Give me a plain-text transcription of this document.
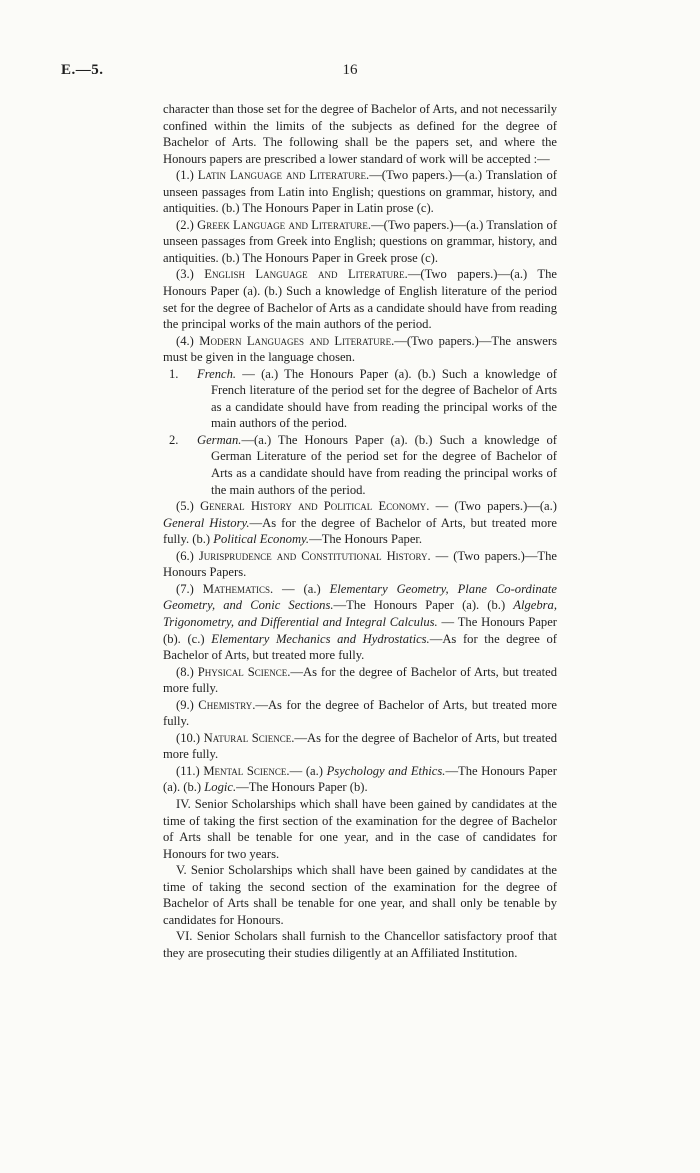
E.—5.	16

character than those set for the degree of Bachelor of Arts, and not necessarily confined within the limits of the subjects as defined for the degree of Bachelor of Arts. The following shall be the papers set, and where the Honours papers are prescribed a lower standard of work will be accepted :—

(1.) Latin Language and Literature.—(Two papers.)—(a.) Translation of unseen passages from Latin into English; questions on grammar, history, and antiquities. (b.) The Honours Paper in Latin prose (c).

(2.) Greek Language and Literature.—(Two papers.)—(a.) Translation of unseen passages from Greek into English; questions on grammar, history, and antiquities. (b.) The Honours Paper in Greek prose (c).

(3.) English Language and Literature.—(Two papers.)—(a.) The Honours Paper (a). (b.) Such a knowledge of English literature of the period set for the degree of Bachelor of Arts as a candidate should have from reading the principal works of the main authors of the period.

(4.) Modern Languages and Literature.—(Two papers.)—The answers must be given in the language chosen.

1.French. — (a.) The Honours Paper (a). (b.) Such a knowledge of French literature of the period set for the degree of Bachelor of Arts as a candidate should have from reading the principal works of the main authors of the period.

2.German.—(a.) The Honours Paper (a). (b.) Such a knowledge of German Literature of the period set for the degree of Bachelor of Arts as a candidate should have from reading the principal works of the main authors of the period.

(5.) General History and Political Economy. — (Two papers.)—(a.) General History.—As for the degree of Bachelor of Arts, but treated more fully. (b.) Political Economy.—The Honours Paper.

(6.) Jurisprudence and Constitutional History. — (Two papers.)—The Honours Papers.

(7.) Mathematics. — (a.) Elementary Geometry, Plane Co-ordinate Geometry, and Conic Sections.—The Honours Paper (a). (b.) Algebra, Trigonometry, and Differential and Integral Calculus. — The Honours Paper (b). (c.) Elementary Mechanics and Hydrostatics.—As for the degree of Bachelor of Arts, but treated more fully.

(8.) Physical Science.—As for the degree of Bachelor of Arts, but treated more fully.

(9.) Chemistry.—As for the degree of Bachelor of Arts, but treated more fully.

(10.) Natural Science.—As for the degree of Bachelor of Arts, but treated more fully.

(11.) Mental Science.— (a.) Psychology and Ethics.—The Honours Paper (a). (b.) Logic.—The Honours Paper (b).

IV. Senior Scholarships which shall have been gained by candidates at the time of taking the first section of the examination for the degree of Bachelor of Arts shall be tenable for one year, and in the case of candidates for Honours for two years.

V. Senior Scholarships which shall have been gained by candidates at the time of taking the second section of the examination for the degree of Bachelor of Arts shall be tenable for one year, and shall only be tenable by candidates for Honours.

VI. Senior Scholars shall furnish to the Chancellor satisfactory proof that they are prosecuting their studies diligently at an Affiliated Institution.
